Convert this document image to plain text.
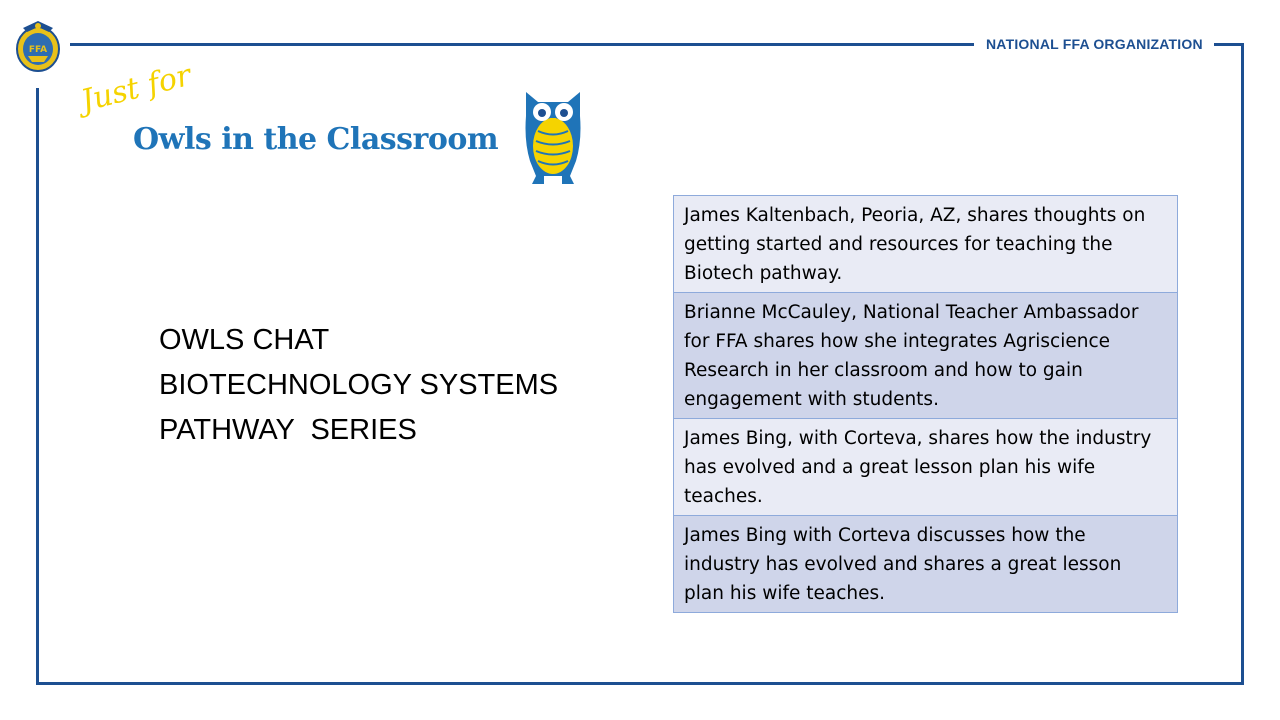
NATIONAL FFA ORGANIZATION
FFA
Just for
Owls in the Classroom
OWLS CHAT
BIOTECHNOLOGY SYSTEMS
PATHWAY  SERIES
James Kaltenbach, Peoria, AZ, shares thoughts on getting started and resources for teaching the Biotech pathway.
Brianne McCauley, National Teacher Ambassador for FFA shares how she integrates Agriscience Research in her classroom and how to gain engagement with students.
James Bing, with Corteva, shares how the industry has evolved and a great lesson plan his wife teaches.
James Bing with Corteva discusses how the industry has evolved and shares a great lesson plan his wife teaches.
